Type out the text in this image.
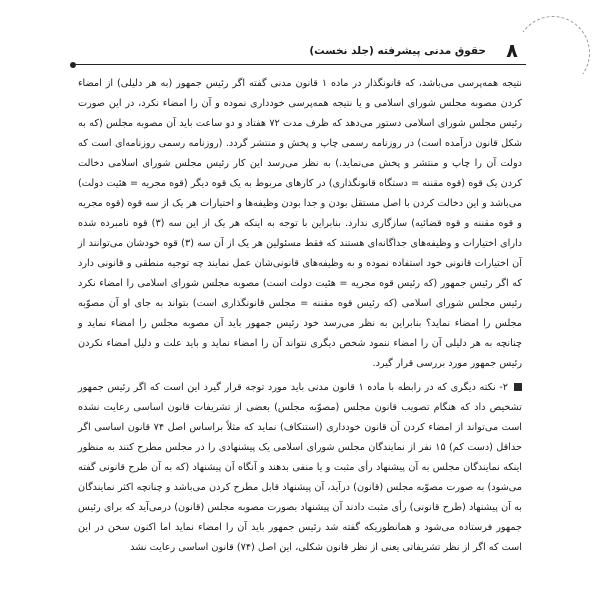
۸
حقوق مدنی پیشرفته (جلد نخست)

نتیجه همه‌پرسی می‌باشد، که قانونگذار در ماده ۱ قانون مدنی گفته اگر رئیس جمهور (به هر دلیلی) از امضاء کردن مصوبه مجلس شورای اسلامی و یا نتیجه همه‌پرسی خودداری نموده و آن را امضاء نکرد، در این صورت رئیس مجلس شورای اسلامی دستور می‌دهد که ظرف مدت ۷۲ هفتاد و دو ساعت باید آن مصوبه مجلس (که به شکل قانون درآمده است) در روزنامه رسمی چاپ و پخش و منتشر گردد. (روزنامه رسمی روزنامه‌ای است که دولت آن را چاپ و منتشر و پخش می‌نماید.) به نظر می‌رسد این کار رئیس مجلس شورای اسلامی دخالت کردن یک قوه (قوه مقننه = دستگاه قانونگذاری) در کارهای مربوط به یک قوه دیگر (قوه مجریه = هئیت دولت) می‌باشد و این دخالت کردن با اصل مستقل بودن و جدا بودن وظیفه‌ها و اختیارات هر یک از سه قوه (قوه مجریه و قوه مقننه و قوه قضائیه) سازگاری ندارد. بنابراین با توجه به اینکه هر یک از این سه (۳) قوه نامبرده شده دارای اختیارات و وظیفه‌های جداگانه‌ای هستند که فقط مسئولین هر یک از آن سه (۳) قوه خودشان می‌توانند از آن اختیارات قانونی خود استفاده نموده و به وظیفه‌های قانونی‌شان عمل نمایند چه توجیه منطقی و قانونی دارد که اگر رئیس جمهور (که رئیس قوه مجریه = هئیت دولت است) مصوبه مجلس شورای اسلامی را امضاء نکرد رئیس مجلس شورای اسلامی (که رئیس قوه مقننه = مجلس قانونگذاری است) بتواند به جای او آن مصوّبه مجلس را امضاء نماید؟ بنابراین به نظر می‌رسد خود رئیس جمهور باید آن مصوبه مجلس را امضاء نماید و چنانچه به هر دلیلی آن را امضاء ننمود شخص دیگری نتواند آن را امضاء نماید و باید علت و دلیل امضاء نکردن رئیس جمهور مورد بررسی قرار گیرد.

۲- نکته دیگری که در رابطه با ماده ۱ قانون مدنی باید مورد توجه قرار گیرد این است که اگر رئیس جمهور تشخیص داد که هنگام تصویب قانون مجلس (مصوّبه مجلس) بعضی از تشریفات قانون اساسی رعایت نشده است می‌تواند از امضاء کردن آن قانون خودداری (استنکاف) نماید که مثلاً براساس اصل ۷۴ قانون اساسی اگر حداقل (دست کم) ۱۵ نفر از نمایندگان مجلس شورای اسلامی یک پیشنهادی را در مجلس مطرح کنند به منظور اینکه نمایندگان مجلس به آن پیشنهاد رأی مثبت و یا منفی بدهند و آنگاه آن پیشنهاد (که به آن طرح قانونی گفته می‌شود) به صورت مصوّبه مجلس (قانون) درآید، آن پیشنهاد قابل مطرح کردن می‌باشد و چنانچه اکثر نمایندگان به آن پیشنهاد (طرح قانونی) رأی مثبت دادند آن پیشنهاد بصورت مصوبه مجلس (قانون) درمی‌آید که برای رئیس جمهور فرستاده می‌شود و همانطوریکه گفته شد رئیس جمهور باید آن را امضاء نماید اما اکنون سخن در این است که اگر از نظر تشریفاتی یعنی از نظر قانون شکلی، این اصل (۷۴) قانون اساسی رعایت نشد
